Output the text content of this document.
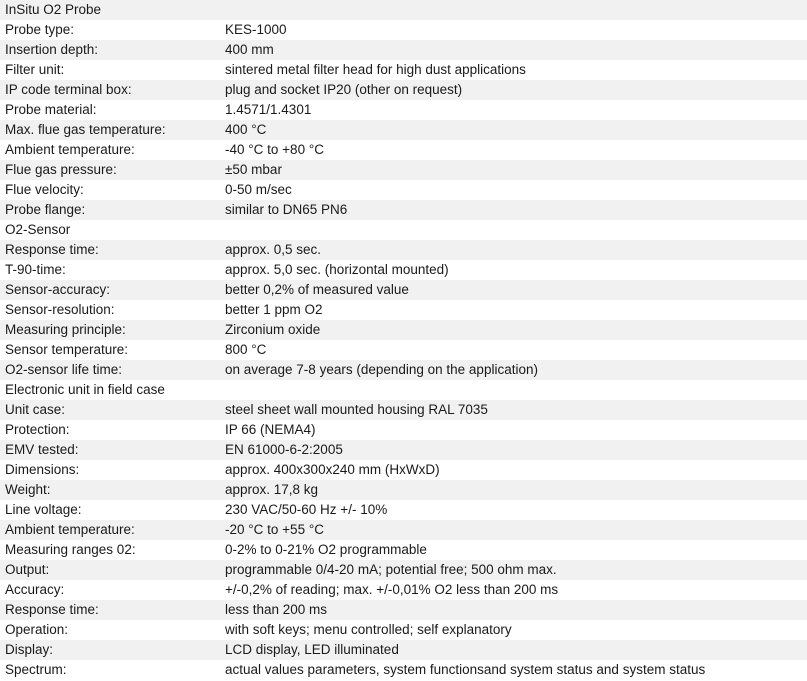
InSitu O2 Probe	
Probe type:	KES-1000
Insertion depth:	400 mm
Filter unit:	sintered metal filter head for high dust applications
IP code terminal box:	plug and socket IP20 (other on request)
Probe material:	1.4571/1.4301
Max. flue gas temperature:	400 °C
Ambient temperature:	-40 °C to +80 °C
Flue gas pressure:	±50 mbar
Flue velocity:	0-50 m/sec
Probe flange:	similar to DN65 PN6
O2-Sensor	
Response time:	approx. 0,5 sec.
T-90-time:	approx. 5,0 sec. (horizontal mounted)
Sensor-accuracy:	better 0,2% of measured value
Sensor-resolution:	better 1 ppm O2
Measuring principle:	Zirconium oxide
Sensor temperature:	800 °C
O2-sensor life time:	on average 7-8 years (depending on the application)
Electronic unit in field case	
Unit case:	steel sheet wall mounted housing RAL 7035
Protection:	IP 66 (NEMA4)
EMV tested:	EN 61000-6-2:2005
Dimensions:	approx. 400x300x240 mm (HxWxD)
Weight:	approx. 17,8 kg
Line voltage:	230 VAC/50-60 Hz +/- 10%
Ambient temperature:	-20 °C to +55 °C
Measuring ranges 02:	0-2% to 0-21% O2 programmable
Output:	programmable 0/4-20 mA; potential free; 500 ohm max.
Accuracy:	+/-0,2% of reading; max. +/-0,01% O2 less than 200 ms
Response time:	less than 200 ms
Operation:	with soft keys; menu controlled; self explanatory
Display:	LCD display, LED illuminated
Spectrum:	actual values parameters, system functionsand system status and system status
